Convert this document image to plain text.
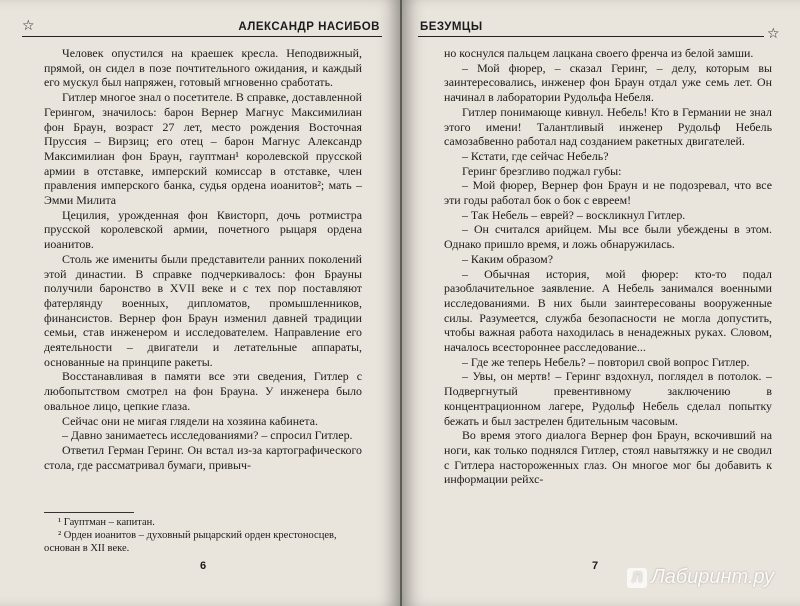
☆	АЛЕКСАНДР НАСИБОВ

Человек опустился на краешек кресла. Неподвижный, прямой, он сидел в позе почтительного ожидания, и каждый его мускул был напряжен, готовый мгновенно сработать.

Гитлер многое знал о посетителе. В справке, доставленной Герингом, значилось: барон Вернер Магнус Максимилиан фон Браун, возраст 27 лет, место рождения Восточная Пруссия – Вирзиц; его отец – барон Магнус Александр Максимилиан фон Браун, гауптман¹ королевской прусской армии в отставке, имперский комиссар в отставке, член правления имперского банка, судья ордена иоанитов²; мать – Эмми Милита

Цецилия, урожденная фон Квисторп, дочь ротмистра прусской королевской армии, почетного рыцаря ордена иоанитов.

Столь же имениты были представители ранних поколений этой династии. В справке подчеркивалось: фон Брауны получили баронство в XVII веке и с тех пор поставляют фатерлянду военных, дипломатов, промышленников, финансистов. Вернер фон Браун изменил давней традиции семьи, став инженером и исследователем. Направление его деятельности – двигатели и летательные аппараты, основанные на принципе ракеты.

Восстанавливая в памяти все эти сведения, Гитлер с любопытством смотрел на фон Брауна. У инженера было овальное лицо, цепкие глаза.

Сейчас они не мигая глядели на хозяина кабинета.

– Давно занимаетесь исследованиями? – спросил Гитлер.

Ответил Герман Геринг. Он встал из-за картографического стола, где рассматривал бумаги, привыч-

¹ Гауптман – капитан.

² Орден иоанитов – духовный рыцарский орден крестоносцев, основан в XII веке.

6
БЕЗУМЦЫ	☆

но коснулся пальцем лацкана своего френча из белой замши.

– Мой фюрер, – сказал Геринг, – делу, которым вы заинтересовались, инженер фон Браун отдал уже семь лет. Он начинал в лаборатории Рудольфа Небеля.

Гитлер понимающе кивнул. Небель! Кто в Германии не знал этого имени! Талантливый инженер Рудольф Небель самозабвенно работал над созданием ракетных двигателей.

– Кстати, где сейчас Небель?

Геринг брезгливо поджал губы:

– Мой фюрер, Вернер фон Браун и не подозревал, что все эти годы работал бок о бок с евреем!

– Так Небель – еврей? – воскликнул Гитлер.

– Он считался арийцем. Мы все были убеждены в этом. Однако пришло время, и ложь обнаружилась.

– Каким образом?

– Обычная история, мой фюрер: кто-то подал разоблачительное заявление. А Небель занимался военными исследованиями. В них были заинтересованы вооруженные силы. Разумеется, служба безопасности не могла допустить, чтобы важная работа находилась в ненадежных руках. Словом, началось всестороннее расследование...

– Где же теперь Небель? – повторил свой вопрос Гитлер.

– Увы, он мертв! – Геринг вздохнул, поглядел в потолок. – Подвергнутый превентивному заключению в концентрационном лагере, Рудольф Небель сделал попытку бежать и был застрелен бдительным часовым.

Во время этого диалога Вернер фон Браун, вскочивший на ноги, как только поднялся Гитлер, стоял навытяжку и не сводил с Гитлера настороженных глаз. Он многое мог бы добавить к информации рейхс-

7
Л Лабиринт.ру
